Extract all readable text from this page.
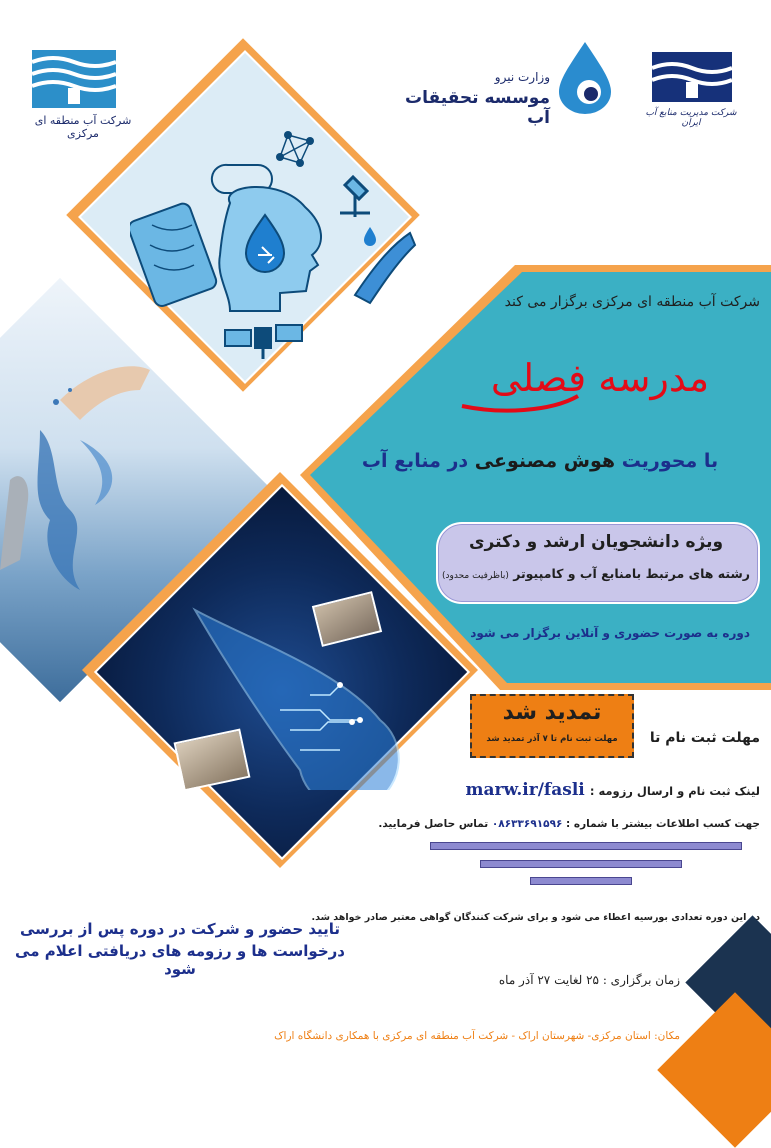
شرکت آب منطقه ای مرکزی
وزارت نیرو
موسسه تحقیقات آب	شرکت مدیریت منابع آب ایران
شرکت آب منطقه ای مرکزی برگزار می کند
مدرسه فصلی
با محوریت هوش مصنوعی در منابع آب
ویژه دانشجویان ارشد و دکتری
رشته های مرتبط بامنابع آب و کامپیوتر (باظرفیت محدود)
دوره به صورت حضوری و آنلاین برگزار می شود
مهلت ثبت نام تا
تمدید شد
مهلت ثبت نام تا ۷ آذر تمدید شد
لینک ثبت نام و ارسال رزومه : marw.ir/fasli
جهت کسب اطلاعات بیشتر با شماره : ۰۸۶۳۳۶۹۱۵۹۶ تماس حاصل فرمایید.
در این دوره تعدادی بورسیه اعطاء می شود و برای شرکت کنندگان گواهی معتبر صادر خواهد شد.
تایید حضور و شرکت در دوره پس از بررسی
درخواست ها و رزومه های دریافتی اعلام می شود
زمان برگزاری : ۲۵ لغایت ۲۷ آذر ماه
مکان: استان مرکزی- شهرستان اراک - شرکت آب منطقه ای مرکزی با همکاری دانشگاه اراک
